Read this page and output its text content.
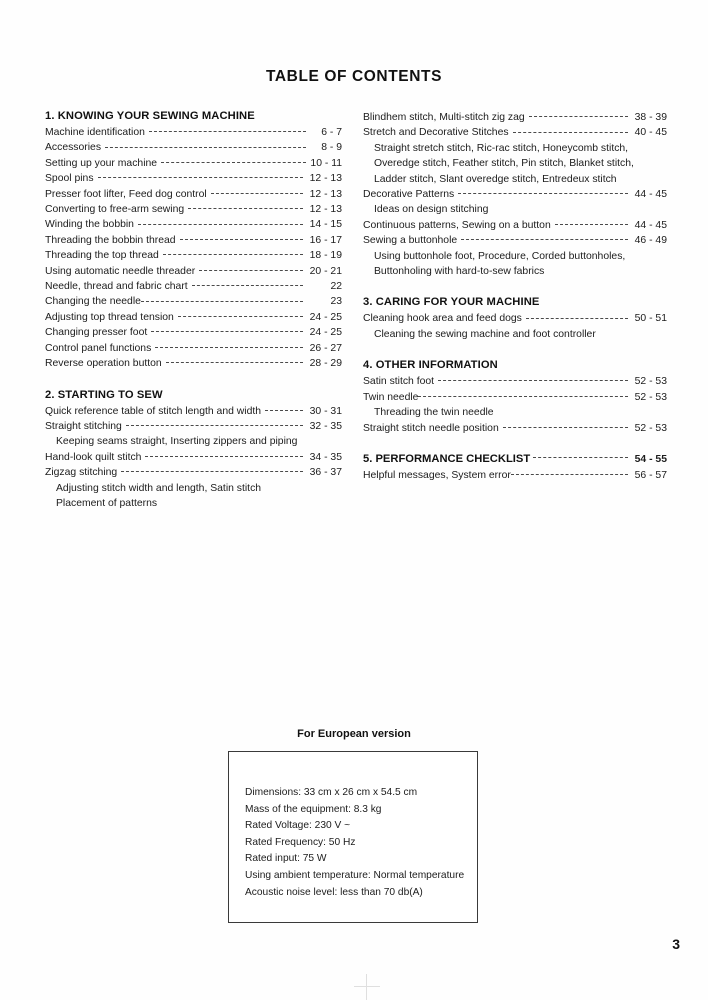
TABLE OF CONTENTS
1. KNOWING YOUR SEWING MACHINE
Machine identification	6 - 7
Accessories	8 - 9
Setting up your machine	10 - 11
Spool pins	12 - 13
Presser foot lifter, Feed dog control	12 - 13
Converting to free-arm sewing	12 - 13
Winding the bobbin	14 - 15
Threading the bobbin thread	16 - 17
Threading the top thread	18 - 19
Using automatic needle threader	20 - 21
Needle, thread and fabric chart	22
Changing the needle	23
Adjusting top thread tension	24 - 25
Changing presser foot	24 - 25
Control panel functions	26 - 27
Reverse operation button	28 - 29
2. STARTING TO SEW
Quick reference table of stitch length and width	30 - 31
Straight stitching	32 - 35
Keeping seams straight, Inserting zippers and piping
Hand-look quilt stitch	34 - 35
Zigzag stitching	36 - 37
Adjusting stitch width and length, Satin stitch
Placement of patterns
Blindhem stitch, Multi-stitch zig zag	38 - 39
Stretch and Decorative Stitches	40 - 45
Straight stretch stitch, Ric-rac stitch, Honeycomb stitch,
Overedge stitch, Feather stitch, Pin stitch, Blanket stitch,
Ladder stitch, Slant overedge stitch, Entredeux stitch
Decorative Patterns	44 - 45
Ideas on design stitching
Continuous patterns, Sewing on a button	44 - 45
Sewing a buttonhole	46 - 49
Using buttonhole foot, Procedure, Corded buttonholes,
Buttonholing with hard-to-sew fabrics
3. CARING FOR YOUR MACHINE
Cleaning hook area and feed dogs	50 - 51
Cleaning the sewing machine and foot controller
4. OTHER INFORMATION
Satin stitch foot	52 - 53
Twin needle	52 - 53
Threading the twin needle
Straight stitch needle position	52 - 53
5. PERFORMANCE CHECKLIST	54 - 55
Helpful messages, System error	56 - 57
For European version
Dimensions: 33 cm x 26 cm x 54.5 cm
Mass of the equipment: 8.3 kg
Rated Voltage: 230 V ~
Rated Frequency: 50 Hz
Rated input: 75 W
Using ambient temperature: Normal temperature
Acoustic noise level: less than 70 db(A)
3
